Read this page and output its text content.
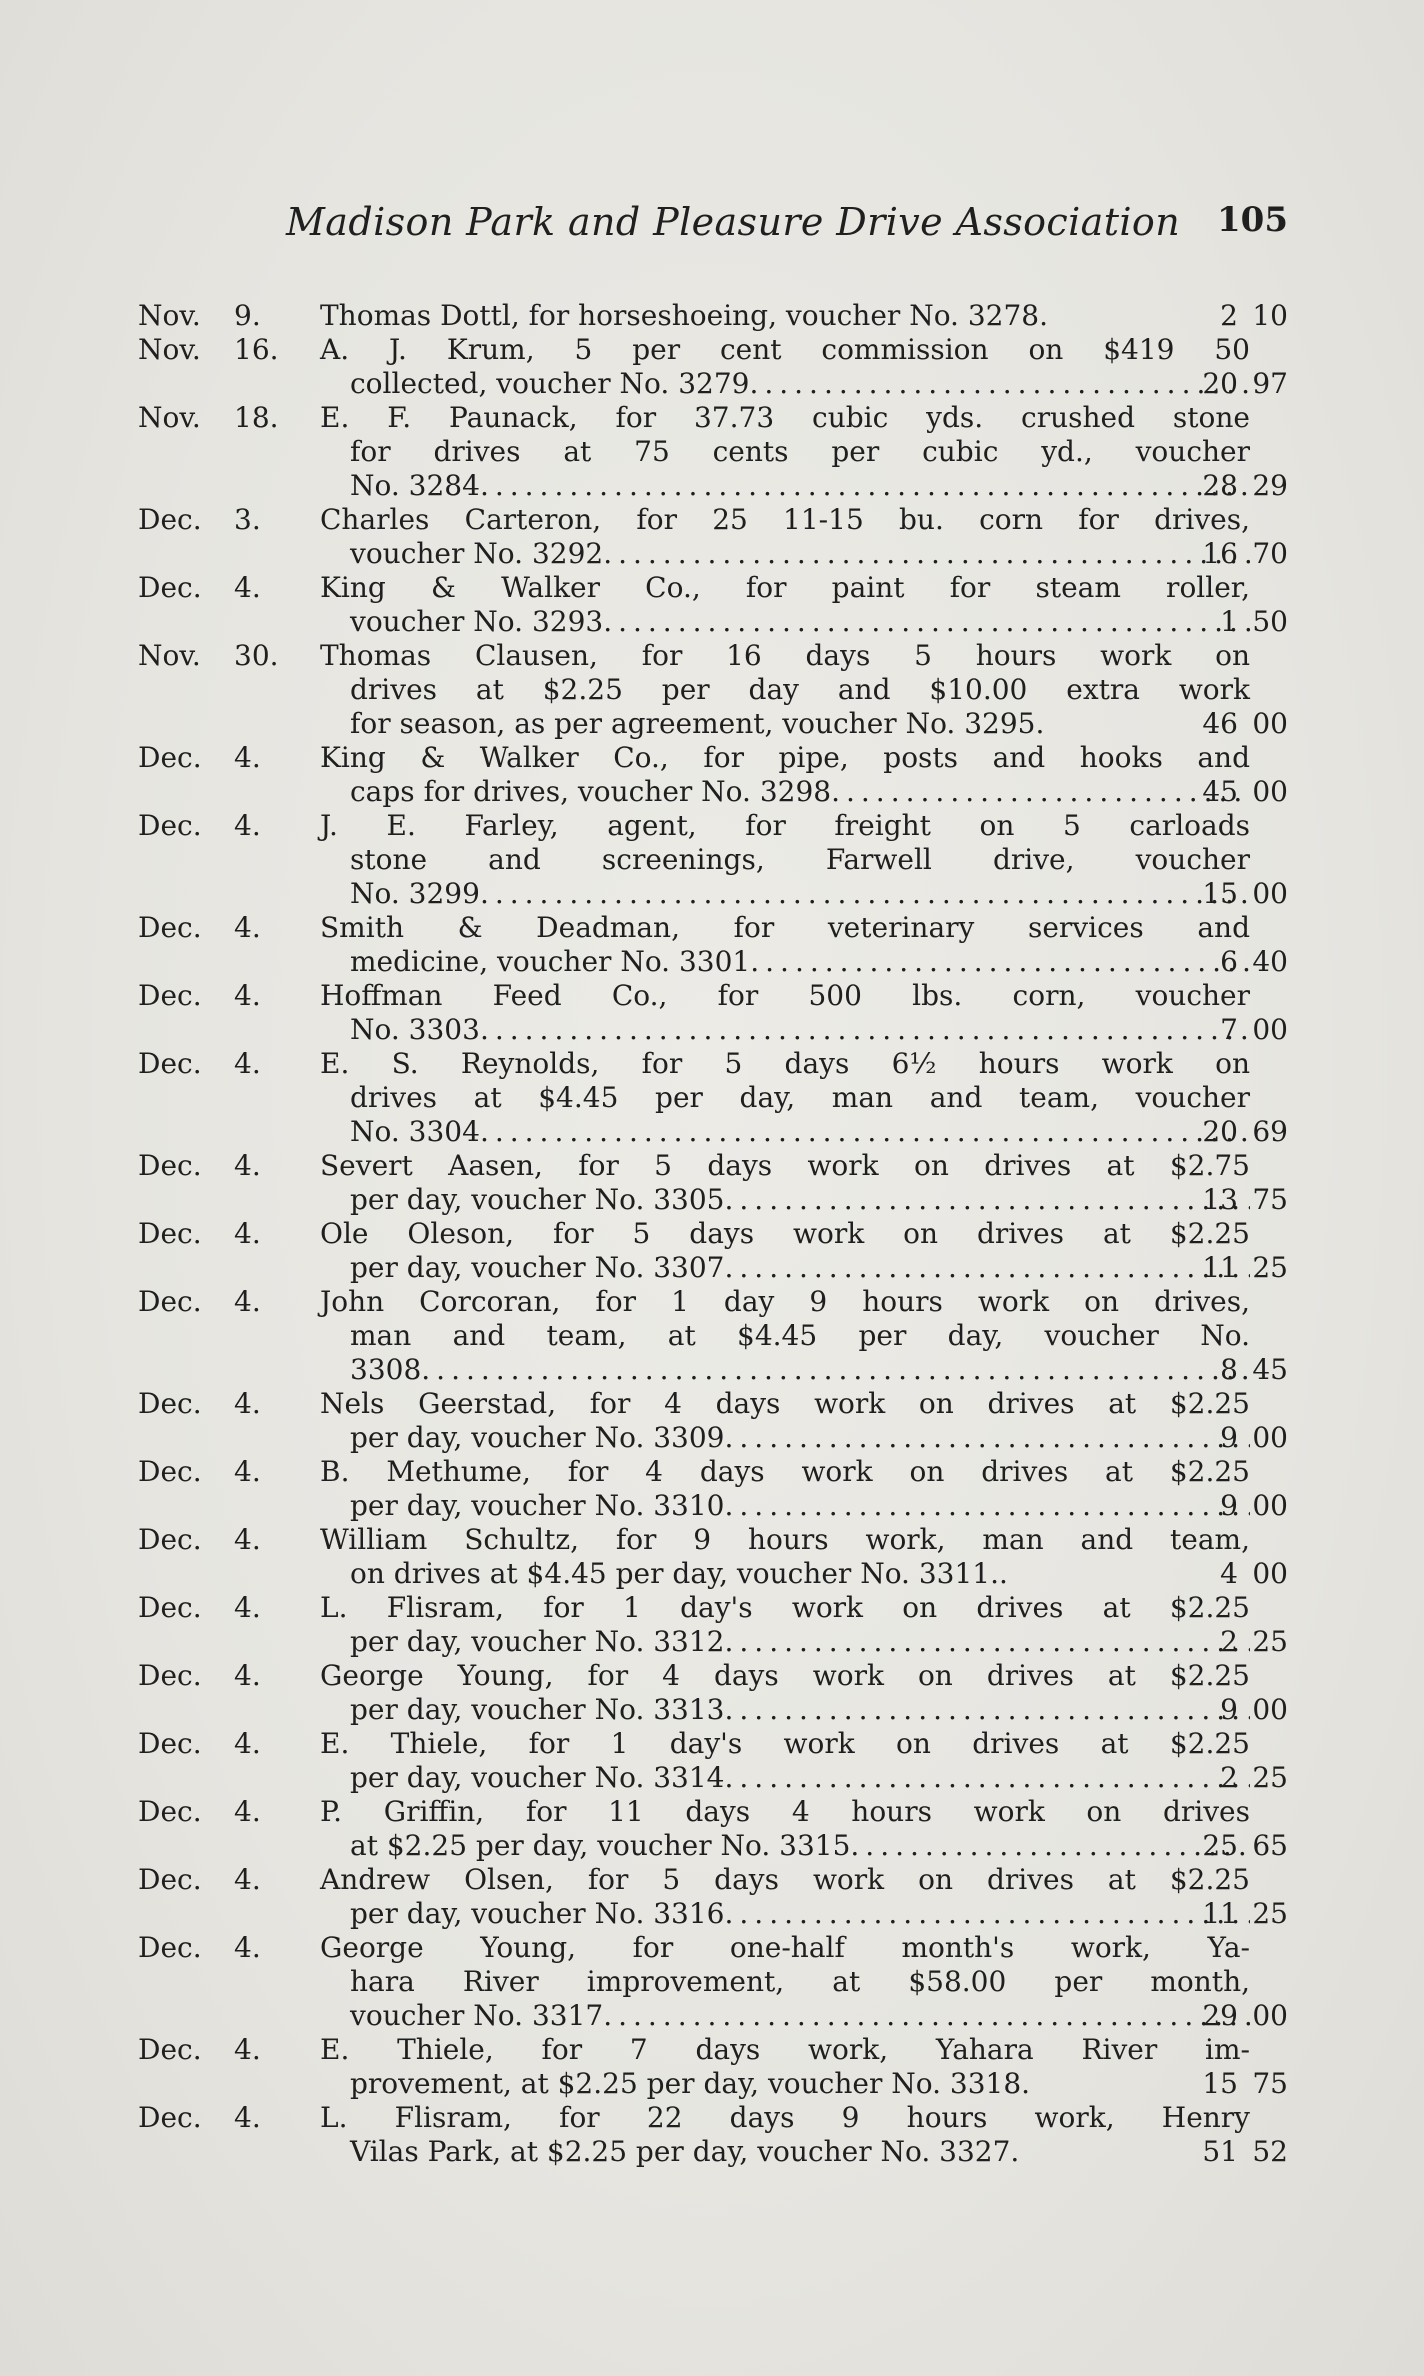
Madison Park and Pleasure Drive Association 105
Nov.	9.	Thomas Dottl, for horseshoeing, voucher No. 3278.	2 10
Nov.	16.	A. J. Krum, 5 per cent commission on $419 50
collected, voucher No. 3279 .....	20 97
Nov.	18.	E. F. Paunack, for 37.73 cubic yds. crushed stone
for drives at 75 cents per cubic yd., voucher
No. 3284 .....	28 29
Dec.	3.	Charles Carteron, for 25 11-15 bu. corn for drives,
voucher No. 3292 .....	16 70
Dec.	4.	King & Walker Co., for paint for steam roller,
voucher No. 3293 .....	1 50
Nov.	30.	Thomas Clausen, for 16 days 5 hours work on
drives at $2.25 per day and $10.00 extra work
for season, as per agreement, voucher No. 3295.	46 00
Dec.	4.	King & Walker Co., for pipe, posts and hooks and
caps for drives, voucher No. 3298 .....	45 00
Dec.	4.	J. E. Farley, agent, for freight on 5 carloads
stone and screenings, Farwell drive, voucher
No. 3299 .....	15 00
Dec.	4.	Smith & Deadman, for veterinary services and
medicine, voucher No. 3301 .....	6 40
Dec.	4.	Hoffman Feed Co., for 500 lbs. corn, voucher
No. 3303 .....	7 00
Dec.	4.	E. S. Reynolds, for 5 days 6½ hours work on
drives at $4.45 per day, man and team, voucher
No. 3304 .....	20 69
Dec.	4.	Severt Aasen, for 5 days work on drives at $2.75
per day, voucher No. 3305 .....	13 75
Dec.	4.	Ole Oleson, for 5 days work on drives at $2.25
per day, voucher No. 3307 .....	11 25
Dec.	4.	John Corcoran, for 1 day 9 hours work on drives,
man and team, at $4.45 per day, voucher No.
3308 .....	8 45
Dec.	4.	Nels Geerstad, for 4 days work on drives at $2.25
per day, voucher No. 3309 .....	9 00
Dec.	4.	B. Methume, for 4 days work on drives at $2.25
per day, voucher No. 3310 .....	9 00
Dec.	4.	William Schultz, for 9 hours work, man and team,
on drives at $4.45 per day, voucher No. 3311..	4 00
Dec.	4.	L. Flisram, for 1 day's work on drives at $2.25
per day, voucher No. 3312 .....	2 25
Dec.	4.	George Young, for 4 days work on drives at $2.25
per day, voucher No. 3313 .....	9 00
Dec.	4.	E. Thiele, for 1 day's work on drives at $2.25
per day, voucher No. 3314 .....	2 25
Dec.	4.	P. Griffin, for 11 days 4 hours work on drives
at $2.25 per day, voucher No. 3315 .....	25 65
Dec.	4.	Andrew Olsen, for 5 days work on drives at $2.25
per day, voucher No. 3316 .....	11 25
Dec.	4.	George Young, for one-half month's work, Ya-
hara River improvement, at $58.00 per month,
voucher No. 3317 .....	29 00
Dec.	4.	E. Thiele, for 7 days work, Yahara River im-
provement, at $2.25 per day, voucher No. 3318.	15 75
Dec.	4.	L. Flisram, for 22 days 9 hours work, Henry
Vilas Park, at $2.25 per day, voucher No. 3327.	51 52
